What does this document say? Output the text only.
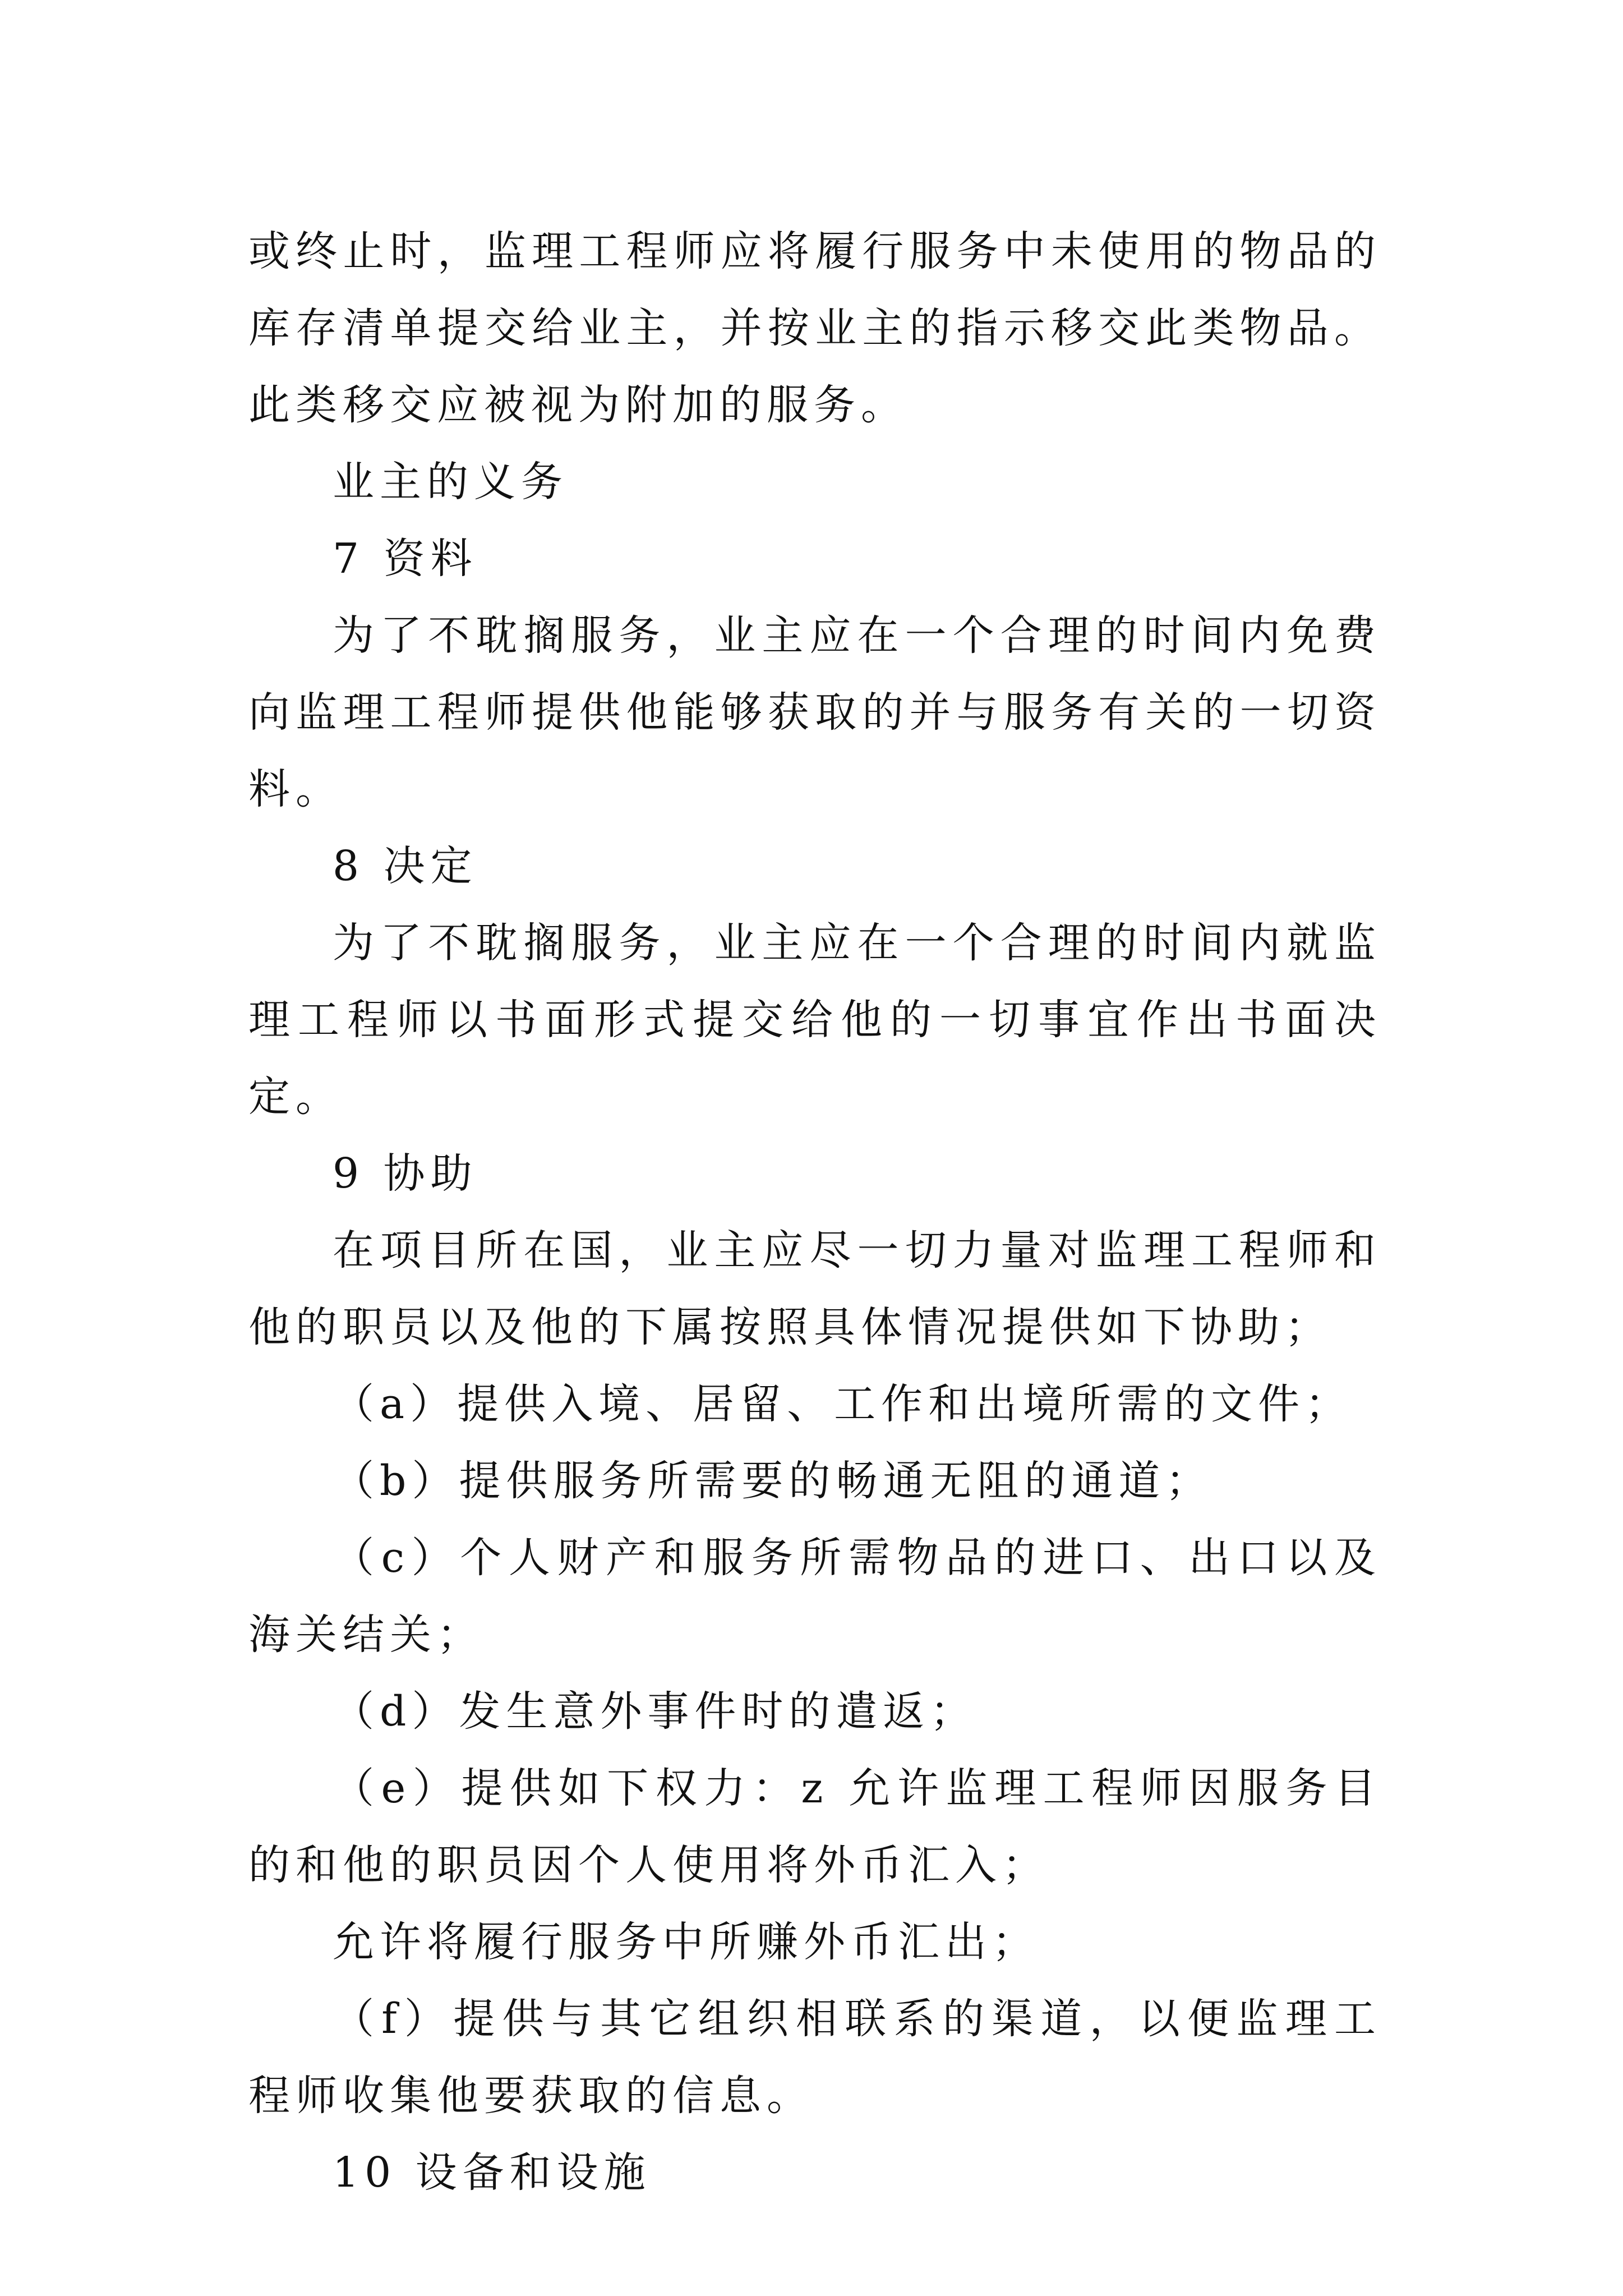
或终止时，监理工程师应将履行服务中未使用的物品的库存清单提交给业主，并按业主的指示移交此类物品。此类移交应被视为附加的服务。

业主的义务

7 资料

为了不耽搁服务，业主应在一个合理的时间内免费向监理工程师提供他能够获取的并与服务有关的一切资料。

8 决定

为了不耽搁服务，业主应在一个合理的时间内就监理工程师以书面形式提交给他的一切事宜作出书面决定。

9 协助

在项目所在国，业主应尽一切力量对监理工程师和他的职员以及他的下属按照具体情况提供如下协助；

（a）提供入境、居留、工作和出境所需的文件；

（b）提供服务所需要的畅通无阻的通道；

（c）个人财产和服务所需物品的进口、出口以及海关结关；

（d）发生意外事件时的遣返；

（e）提供如下权力：z 允许监理工程师因服务目的和他的职员因个人使用将外币汇入；

允许将履行服务中所赚外币汇出；

（f）提供与其它组织相联系的渠道，以便监理工程师收集他要获取的信息。

10 设备和设施
